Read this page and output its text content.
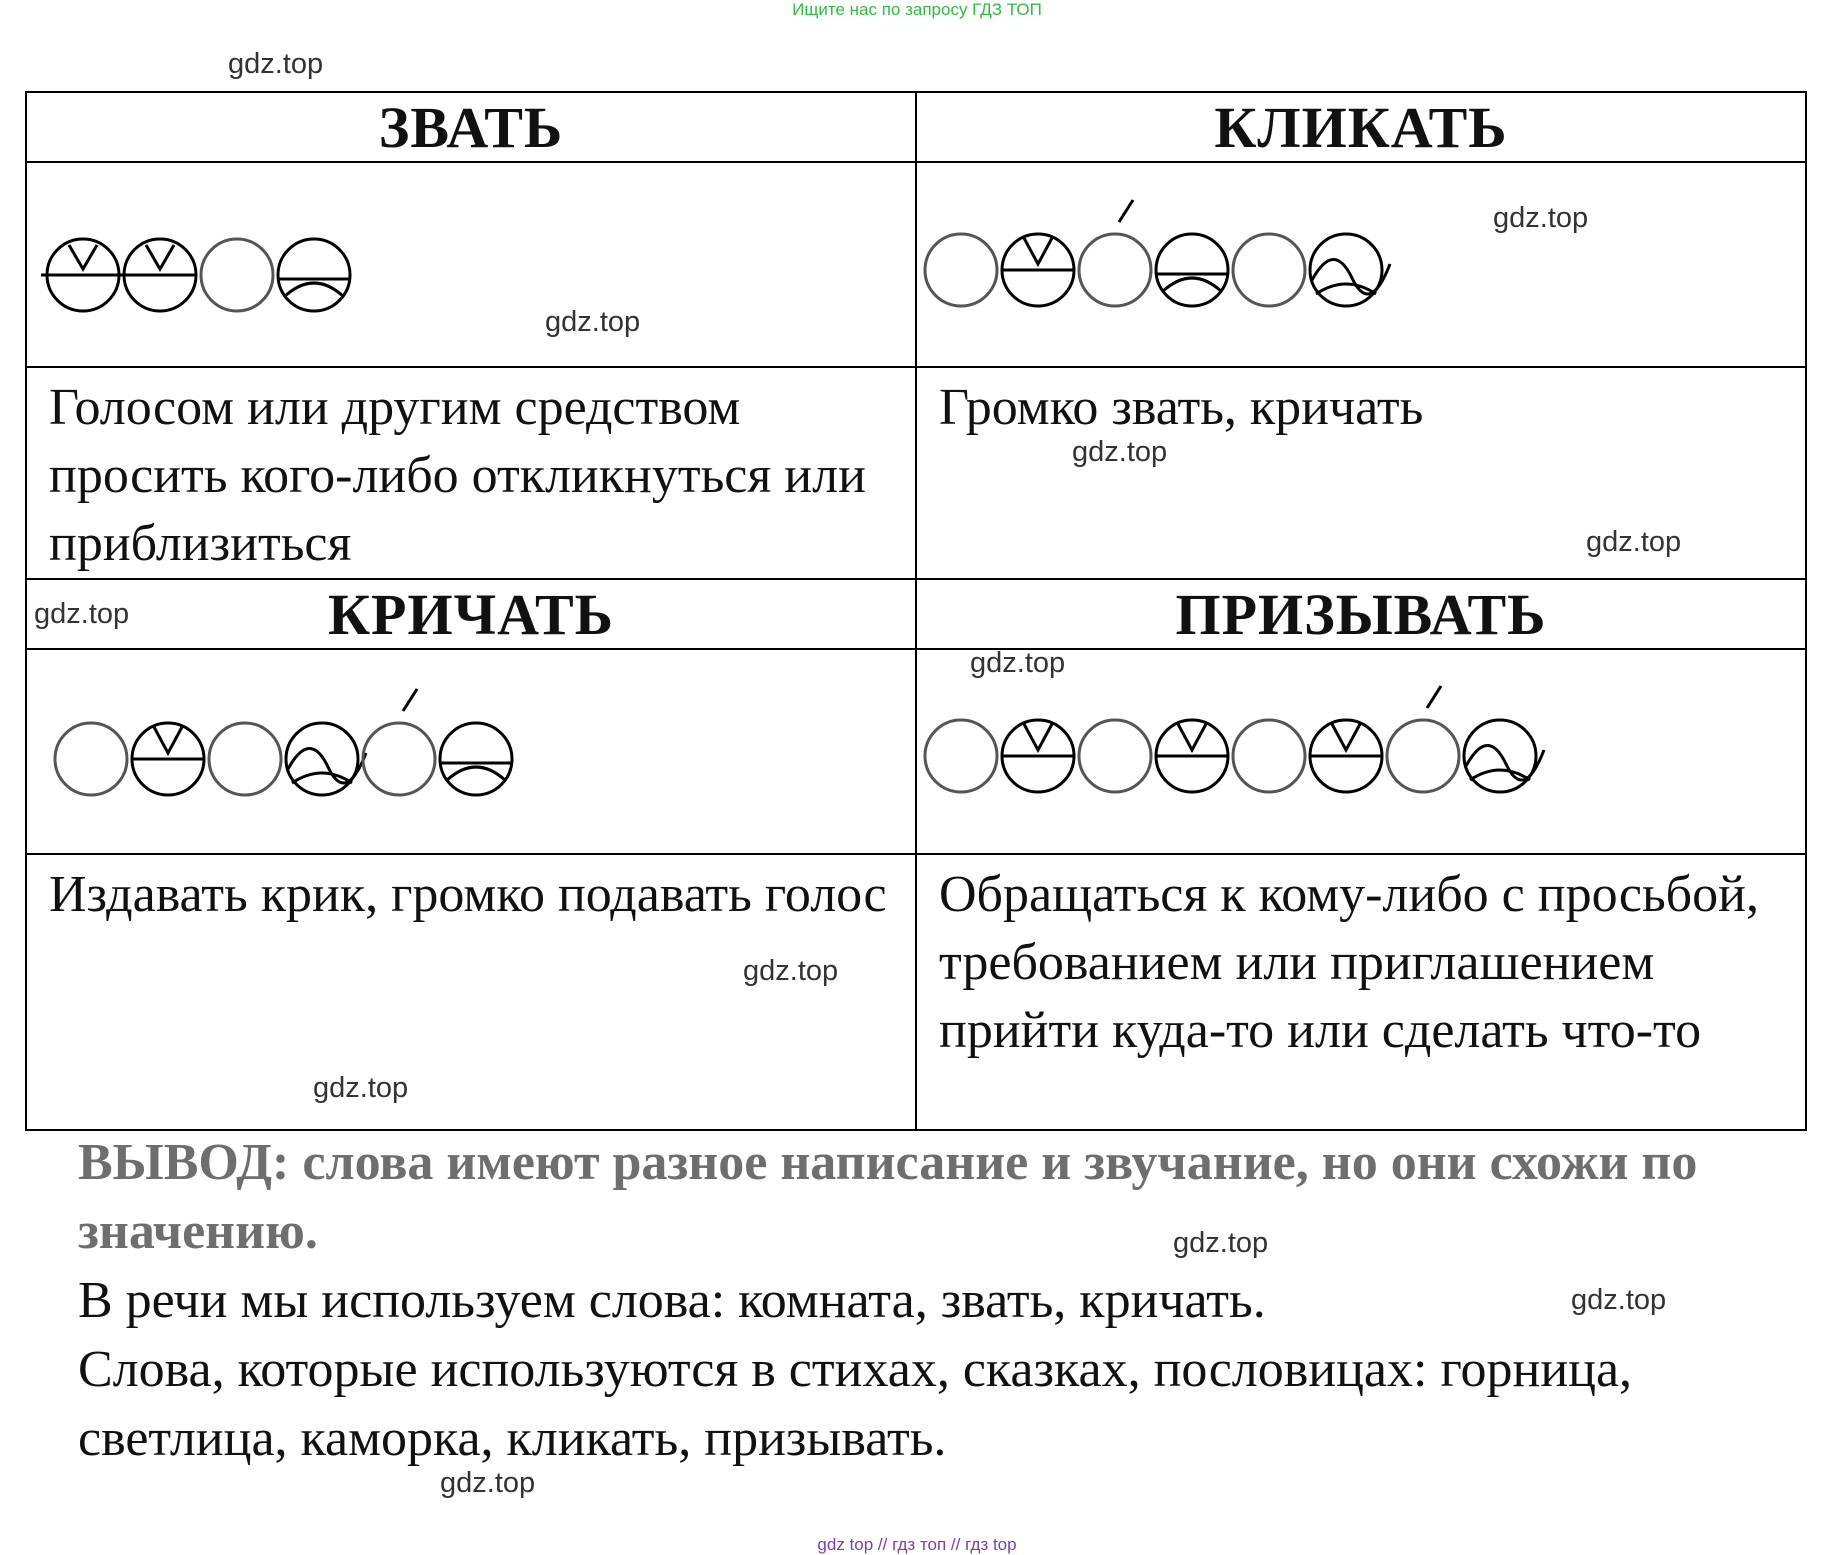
Ищите нас по запросу ГДЗ ТОП
gdz.top
gdz.top
gdz.top
gdz.top
gdz.top
gdz.top
gdz.top
gdz.top
gdz.top
gdz.top
gdz.top
gdz.top
ЗВАТЬ	КЛИКАТЬ

Голосом или другим средством просить кого-либо откликнуться или приблизиться	Громко звать, кричать
КРИЧАТЬ	ПРИЗЫВАТЬ

Издавать крик, громко подавать голос	Обращаться к кому-либо с просьбой, требованием или приглашением прийти куда-то или сделать что-то

ВЫВОД: слова имеют разное написание и звучание, но они схожи по значению.

В речи мы используем слова: комната, звать, кричать.

Слова, которые используются в стихах, сказках, пословицах: горница, светлица, каморка, кликать, призывать.

gdz top // гдз топ // гдз top
